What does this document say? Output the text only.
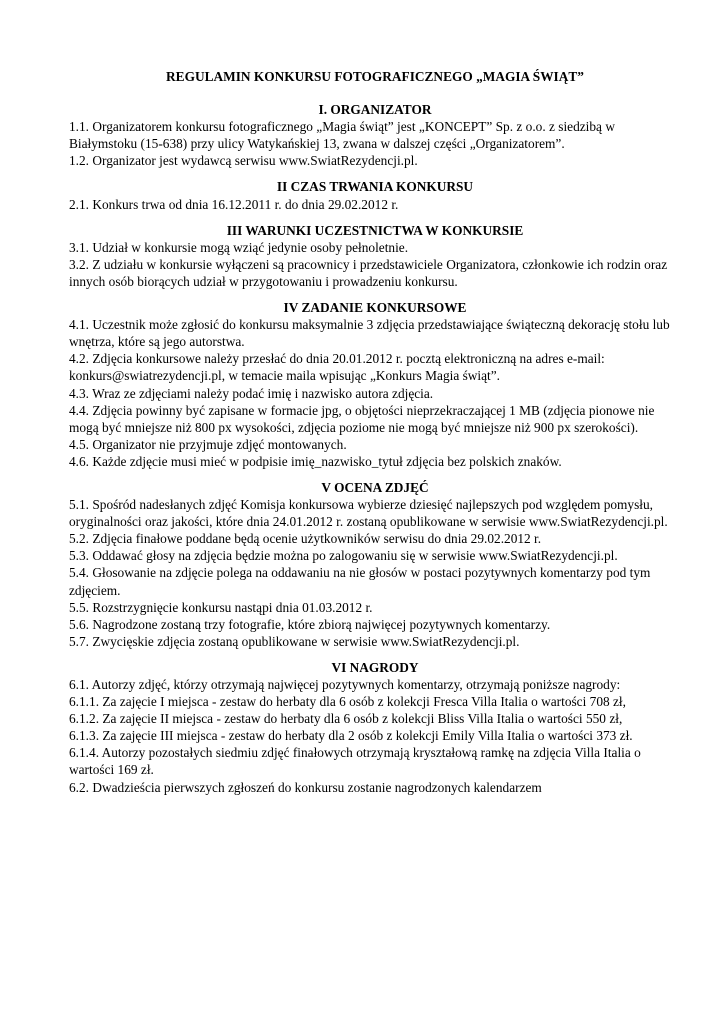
REGULAMIN KONKURSU FOTOGRAFICZNEGO „MAGIA ŚWIĄT”
I. ORGANIZATOR

1.1. Organizatorem konkursu fotograficznego „Magia świąt” jest „KONCEPT” Sp. z o.o. z siedzibą w Białymstoku (15-638) przy ulicy Watykańskiej 13, zwana w dalszej części „Organizatorem”.

1.2. Organizator jest wydawcą serwisu www.SwiatRezydencji.pl.

II CZAS TRWANIA KONKURSU

2.1. Konkurs trwa od dnia 16.12.2011 r. do dnia 29.02.2012 r.

III WARUNKI UCZESTNICTWA W KONKURSIE

3.1. Udział w konkursie mogą wziąć jedynie osoby pełnoletnie.

3.2. Z udziału w konkursie wyłączeni są pracownicy i przedstawiciele Organizatora, członkowie ich rodzin oraz innych osób biorących udział w przygotowaniu i prowadzeniu konkursu.

IV ZADANIE KONKURSOWE

4.1. Uczestnik może zgłosić do konkursu maksymalnie 3 zdjęcia przedstawiające świąteczną dekorację stołu lub wnętrza, które są jego autorstwa.

4.2. Zdjęcia konkursowe należy przesłać do dnia 20.01.2012 r. pocztą elektroniczną na adres e-mail: konkurs@swiatrezydencji.pl, w temacie maila wpisując „Konkurs Magia świąt”.

4.3. Wraz ze zdjęciami należy podać imię i nazwisko autora zdjęcia.

4.4. Zdjęcia powinny być zapisane w formacie jpg, o objętości nieprzekraczającej 1 MB (zdjęcia pionowe nie mogą być mniejsze niż 800 px wysokości, zdjęcia poziome nie mogą być mniejsze niż 900 px szerokości).

4.5. Organizator nie przyjmuje zdjęć montowanych.

4.6. Każde zdjęcie musi mieć w podpisie imię_nazwisko_tytuł zdjęcia bez polskich znaków.

V OCENA ZDJĘĆ

5.1. Spośród nadesłanych zdjęć Komisja konkursowa wybierze dziesięć najlepszych pod względem pomysłu, oryginalności oraz jakości, które dnia 24.01.2012 r. zostaną opublikowane w serwisie www.SwiatRezydencji.pl.

5.2. Zdjęcia finałowe poddane będą ocenie użytkowników serwisu do dnia 29.02.2012 r.

5.3. Oddawać głosy na zdjęcia będzie można po zalogowaniu się w serwisie www.SwiatRezydencji.pl.

5.4. Głosowanie na zdjęcie polega na oddawaniu na nie głosów w postaci pozytywnych komentarzy pod tym zdjęciem.

5.5. Rozstrzygnięcie konkursu nastąpi dnia 01.03.2012 r.

5.6. Nagrodzone zostaną trzy fotografie, które zbiorą najwięcej pozytywnych komentarzy.

5.7. Zwycięskie zdjęcia zostaną opublikowane w serwisie www.SwiatRezydencji.pl.

VI NAGRODY

6.1. Autorzy zdjęć, którzy otrzymają najwięcej pozytywnych komentarzy, otrzymają poniższe nagrody:

6.1.1. Za zajęcie I miejsca - zestaw do herbaty dla 6 osób z kolekcji Fresca Villa Italia o wartości 708 zł,

6.1.2. Za zajęcie II miejsca - zestaw do herbaty dla 6 osób z kolekcji Bliss Villa Italia o wartości 550 zł,

6.1.3. Za zajęcie III miejsca - zestaw do herbaty dla 2 osób z kolekcji Emily Villa Italia o wartości 373 zł.

6.1.4. Autorzy pozostałych siedmiu zdjęć finałowych otrzymają kryształową ramkę na zdjęcia Villa Italia o wartości 169 zł.

6.2. Dwadzieścia pierwszych zgłoszeń do konkursu zostanie nagrodzonych kalendarzem
